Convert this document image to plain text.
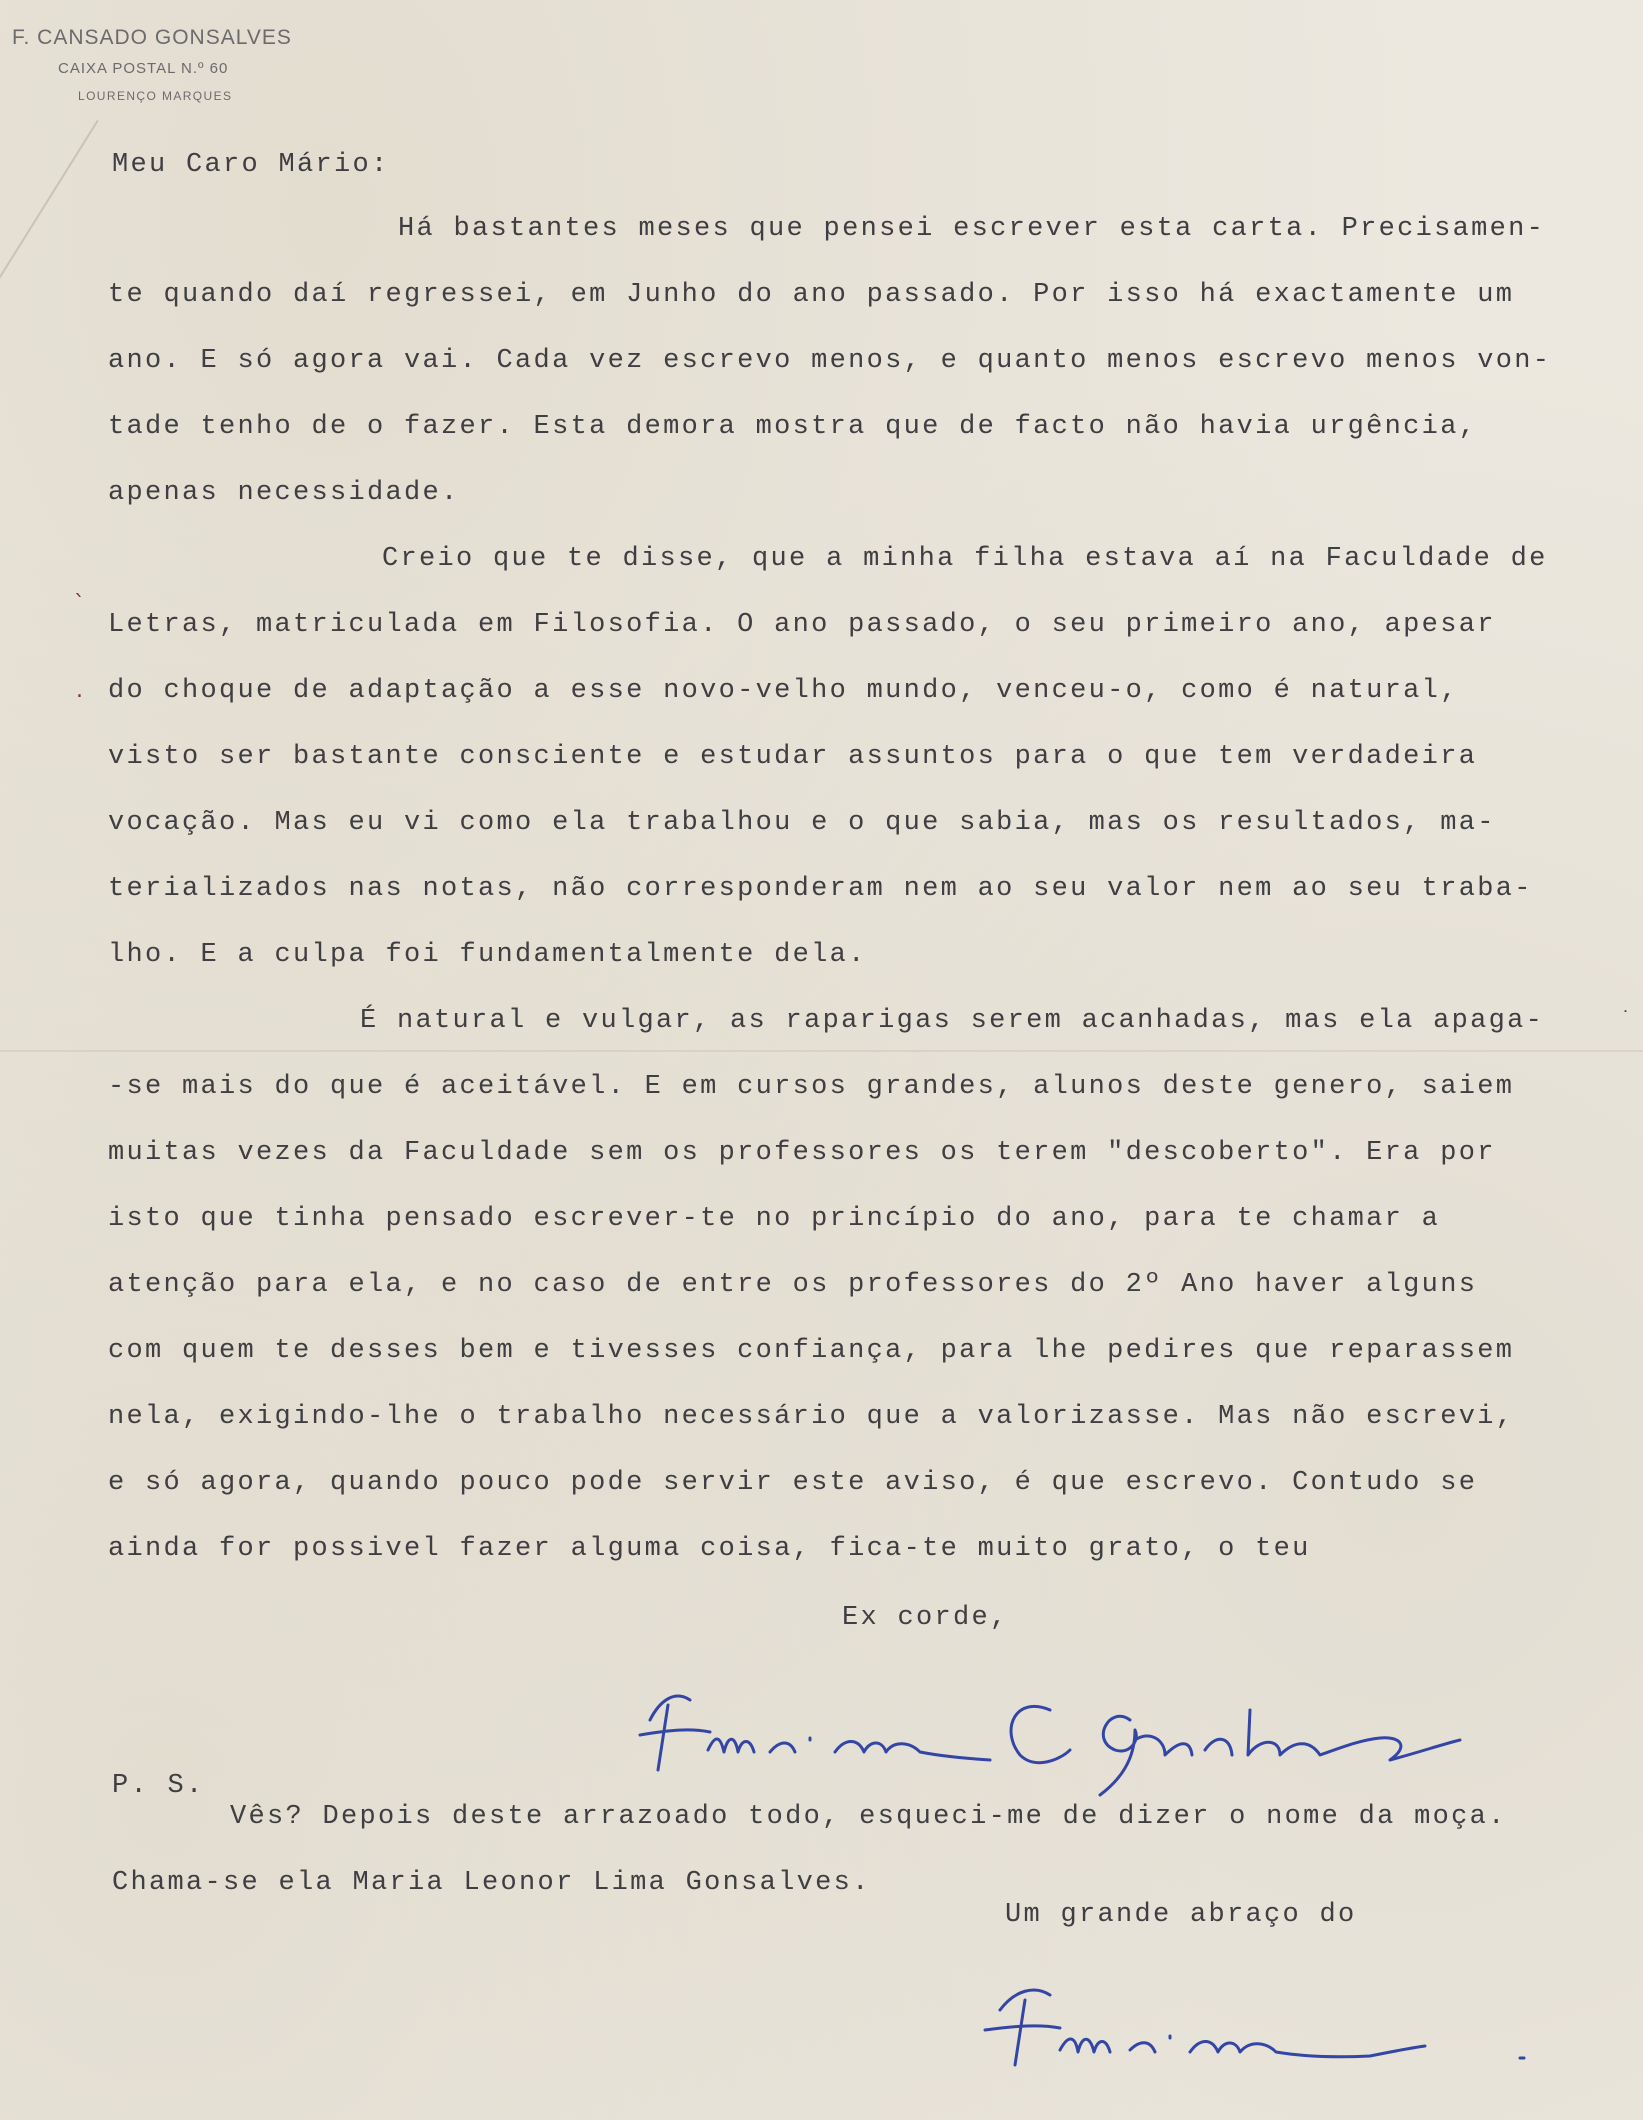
F. CANSADO GONSALVES
CAIXA POSTAL N.º 60
LOURENÇO MARQUES
Meu Caro Mário:
Há bastantes meses que pensei escrever esta carta. Precisamen-
te quando daí regressei, em Junho do ano passado. Por isso há exactamente um
ano. E só agora vai. Cada vez escrevo menos, e quanto menos escrevo menos von-
tade tenho de o fazer. Esta demora mostra que de facto não havia urgência,
apenas necessidade.
Creio que te disse, que a minha filha estava aí na Faculdade de
Letras, matriculada em Filosofia. O ano passado, o seu primeiro ano, apesar
do choque de adaptação a esse novo-velho mundo, venceu-o, como é natural,
visto ser bastante consciente e estudar assuntos para o que tem verdadeira
vocação. Mas eu vi como ela trabalhou e o que sabia, mas os resultados, ma-
terializados nas notas, não corresponderam nem ao seu valor nem ao seu traba-
lho. E a culpa foi fundamentalmente dela.
É natural e vulgar, as raparigas serem acanhadas, mas ela apaga-
-se mais do que é aceitável. E em cursos grandes, alunos deste genero, saiem
muitas vezes da Faculdade sem os professores os terem "descoberto". Era por
isto que tinha pensado escrever-te no princípio do ano, para te chamar a
atenção para ela, e no caso de entre os professores do 2º Ano haver alguns
com quem te desses bem e tivesses confiança, para lhe pedires que reparassem
nela, exigindo-lhe o trabalho necessário que a valorizasse. Mas não escrevi,
e só agora, quando pouco pode servir este aviso, é que escrevo. Contudo se
ainda for possivel fazer alguma coisa, fica-te muito grato, o teu
Ex corde,
P. S.
Vês? Depois deste arrazoado todo, esqueci-me de dizer o nome da moça.
Chama-se ela Maria Leonor Lima Gonsalves.
Um grande abraço do
ˋ
.
˙
